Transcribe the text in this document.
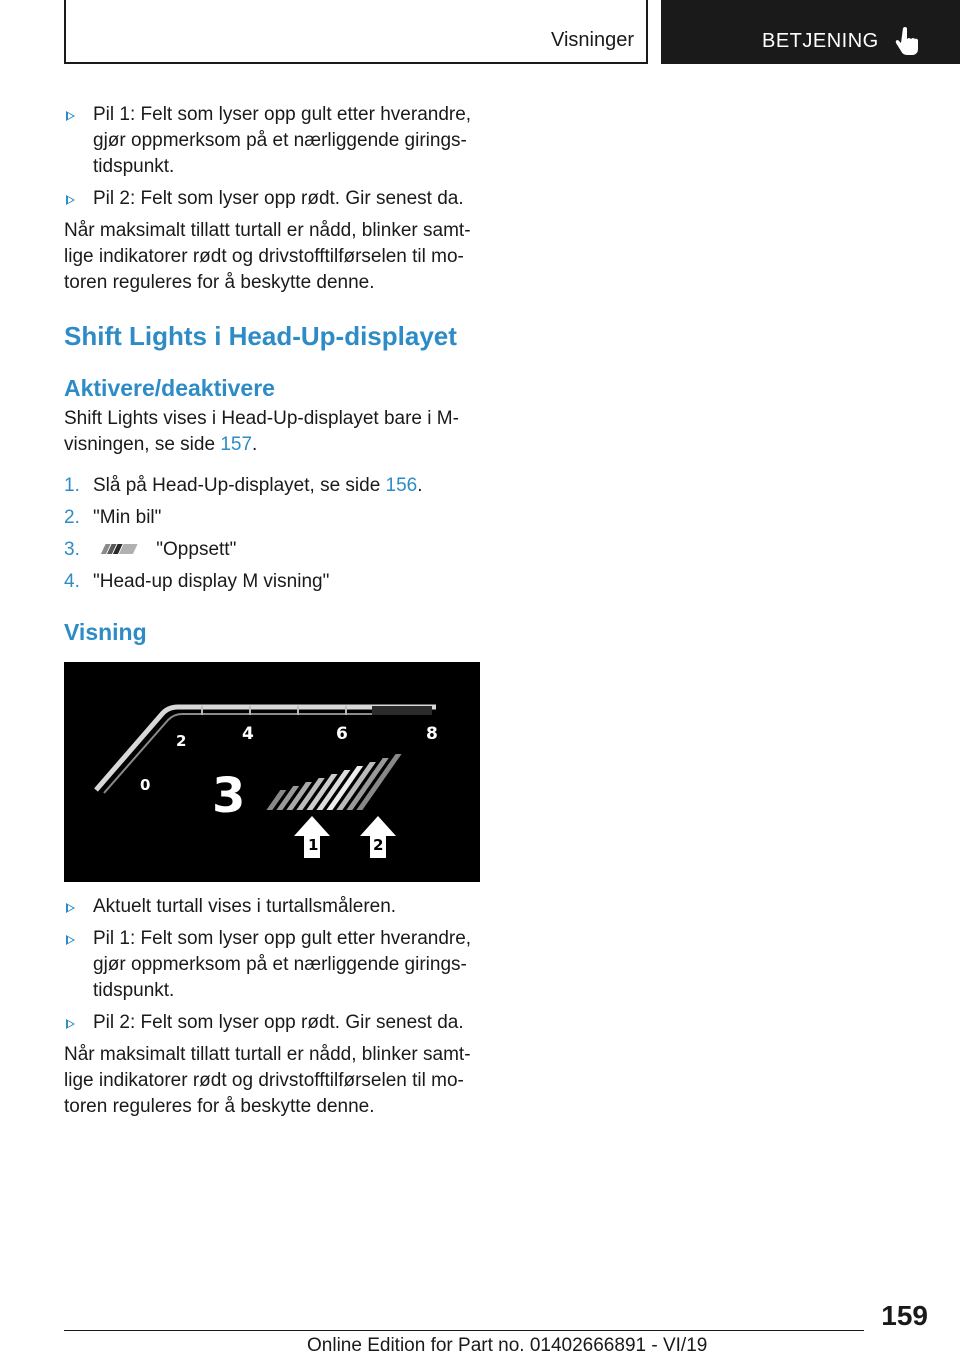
Visninger	BETJENING
Pil 1: Felt som lyser opp gult etter hverandre, gjør oppmerksom på et nærliggende girings-tidspunkt.
Pil 2: Felt som lyser opp rødt. Gir senest da.

Når maksimalt tillatt turtall er nådd, blinker samt-lige indikatorer rødt og drivstofftilførselen til mo-toren reguleres for å beskytte denne.

Shift Lights i Head-Up-displayet
Aktivere/deaktivere

Shift Lights vises i Head-Up-displayet bare i M-visningen, se side 157.

1. Slå på Head-Up-displayet, se side 156.
2. "Min bil"
3.	"Oppsett"
4. "Head-up display M visning"
Visning
0
2	4	6	8
3
1	2
Aktuelt turtall vises i turtallsmåleren.
Pil 1: Felt som lyser opp gult etter hverandre, gjør oppmerksom på et nærliggende girings-tidspunkt.
Pil 2: Felt som lyser opp rødt. Gir senest da.

Når maksimalt tillatt turtall er nådd, blinker samt-lige indikatorer rødt og drivstofftilførselen til mo-toren reguleres for å beskytte denne.

159
Online Edition for Part no. 01402666891 - VI/19
